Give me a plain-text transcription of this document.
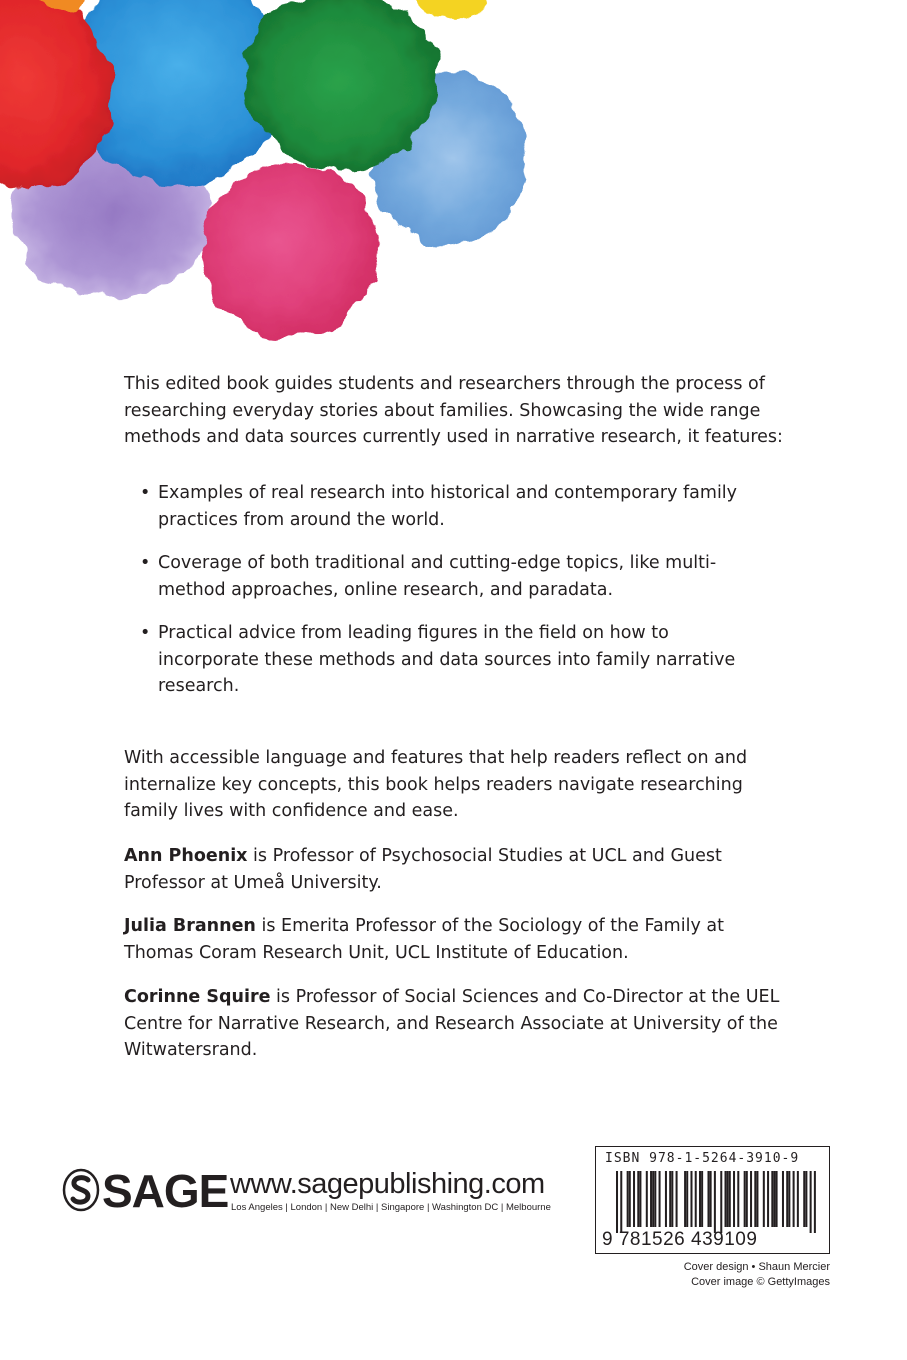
This edited book guides students and researchers through the process of researching everyday stories about families. Showcasing the wide range methods and data sources currently used in narrative research, it features:
• Examples of real research into historical and contemporary family practices from around the world.
• Coverage of both traditional and cutting-edge topics, like multi-method approaches, online research, and paradata.
• Practical advice from leading figures in the field on how to incorporate these methods and data sources into family narrative research.
With accessible language and features that help readers reflect on and internalize key concepts, this book helps readers navigate researching family lives with confidence and ease.
Ann Phoenix is Professor of Psychosocial Studies at UCL and Guest Professor at Umeå University.
Julia Brannen is Emerita Professor of the Sociology of the Family at Thomas Coram Research Unit, UCL Institute of Education.
Corinne Squire is Professor of Social Sciences and Co-Director at the UEL Centre for Narrative Research, and Research Associate at University of the Witwatersrand.
SAGE www.sagepublishing.com
Los Angeles | London | New Delhi | Singapore | Washington DC | Melbourne
ISBN 978-1-5264-3910-9
9 781526 439109
Cover design • Shaun Mercier
Cover image © GettyImages
